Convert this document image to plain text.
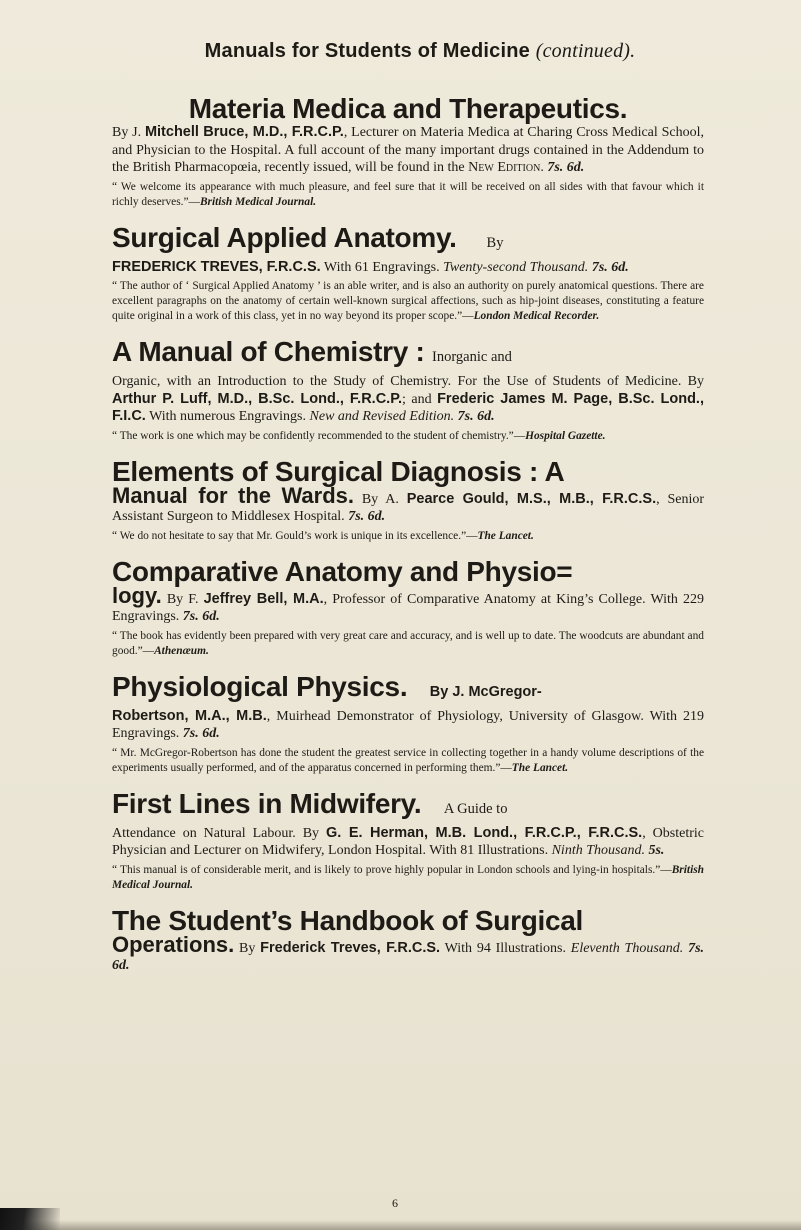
Manuals for Students of Medicine (continued).
Materia Medica and Therapeutics.
By J. Mitchell Bruce, M.D., F.R.C.P., Lecturer on Materia Medica at Charing Cross Medical School, and Physician to the Hospital. A full account of the many important drugs contained in the Addendum to the British Pharmacopœia, recently issued, will be found in the New Edition. 7s. 6d.
“ We welcome its appearance with much pleasure, and feel sure that it will be received on all sides with that favour which it richly deserves.”—British Medical Journal.
Surgical Applied Anatomy. By
FREDERICK TREVES, F.R.C.S. With 61 Engravings. Twenty-second Thousand. 7s. 6d.
“ The author of ‘ Surgical Applied Anatomy ’ is an able writer, and is also an authority on purely anatomical questions. There are excellent paragraphs on the anatomy of certain well-known surgical affections, such as hip-joint diseases, constituting a feature quite original in a work of this class, yet in no way beyond its proper scope.”—London Medical Recorder.
A Manual of Chemistry : Inorganic and
Organic, with an Introduction to the Study of Chemistry. For the Use of Students of Medicine. By Arthur P. Luff, M.D., B.Sc. Lond., F.R.C.P.; and Frederic James M. Page, B.Sc. Lond., F.I.C. With numerous Engravings. New and Revised Edition. 7s. 6d.
“ The work is one which may be confidently recommended to the student of chemistry.”—Hospital Gazette.
Elements of Surgical Diagnosis : A
Manual for the Wards. By A. Pearce Gould, M.S., M.B., F.R.C.S., Senior Assistant Surgeon to Middlesex Hospital. 7s. 6d.
“ We do not hesitate to say that Mr. Gould’s work is unique in its excellence.”—The Lancet.
Comparative Anatomy and Physio=
logy. By F. Jeffrey Bell, M.A., Professor of Comparative Anatomy at King’s College. With 229 Engravings. 7s. 6d.
“ The book has evidently been prepared with very great care and accuracy, and is well up to date. The woodcuts are abundant and good.”—Athenæum.
Physiological Physics. By J. McGregor-
Robertson, M.A., M.B., Muirhead Demonstrator of Physiology, University of Glasgow. With 219 Engravings. 7s. 6d.
“ Mr. McGregor-Robertson has done the student the greatest service in collecting together in a handy volume descriptions of the experiments usually performed, and of the apparatus concerned in performing them.”—The Lancet.
First Lines in Midwifery. A Guide to
Attendance on Natural Labour. By G. E. Herman, M.B. Lond., F.R.C.P., F.R.C.S., Obstetric Physician and Lecturer on Midwifery, London Hospital. With 81 Illustrations. Ninth Thousand. 5s.
“ This manual is of considerable merit, and is likely to prove highly popular in London schools and lying-in hospitals.”—British Medical Journal.
The Student’s Handbook of Surgical
Operations. By Frederick Treves, F.R.C.S. With 94 Illustrations. Eleventh Thousand. 7s. 6d.
6
